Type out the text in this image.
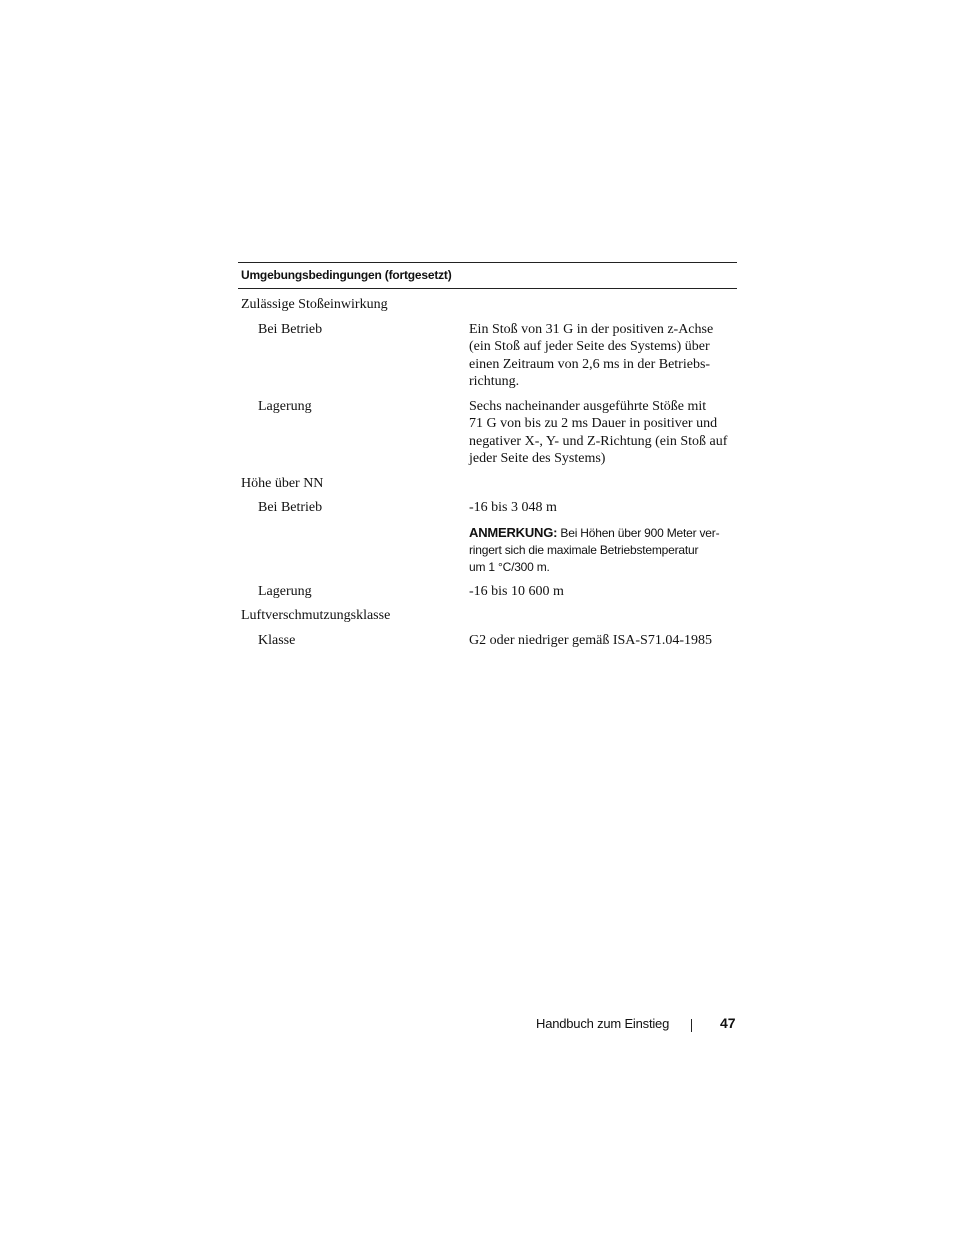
Umgebungsbedingungen (fortgesetzt)
Zulässige Stoßeinwirkung
Bei Betrieb	Ein Stoß von 31 G in der positiven z-Achse
(ein Stoß auf jeder Seite des Systems) über
einen Zeitraum von 2,6 ms in der Betriebs-
richtung.
Lagerung	Sechs nacheinander ausgeführte Stöße mit
71 G von bis zu 2 ms Dauer in positiver und
negativer X-, Y- und Z-Richtung (ein Stoß auf
jeder Seite des Systems)
Höhe über NN
Bei Betrieb	-16 bis 3 048 m
ANMERKUNG: Bei Höhen über 900 Meter ver-
ringert sich die maximale Betriebstemperatur
um 1 °C/300 m.
Lagerung	-16 bis 10 600 m
Luftverschmutzungsklasse
Klasse	G2 oder niedriger gemäß ISA-S71.04-1985
Handbuch zum Einstieg	47
